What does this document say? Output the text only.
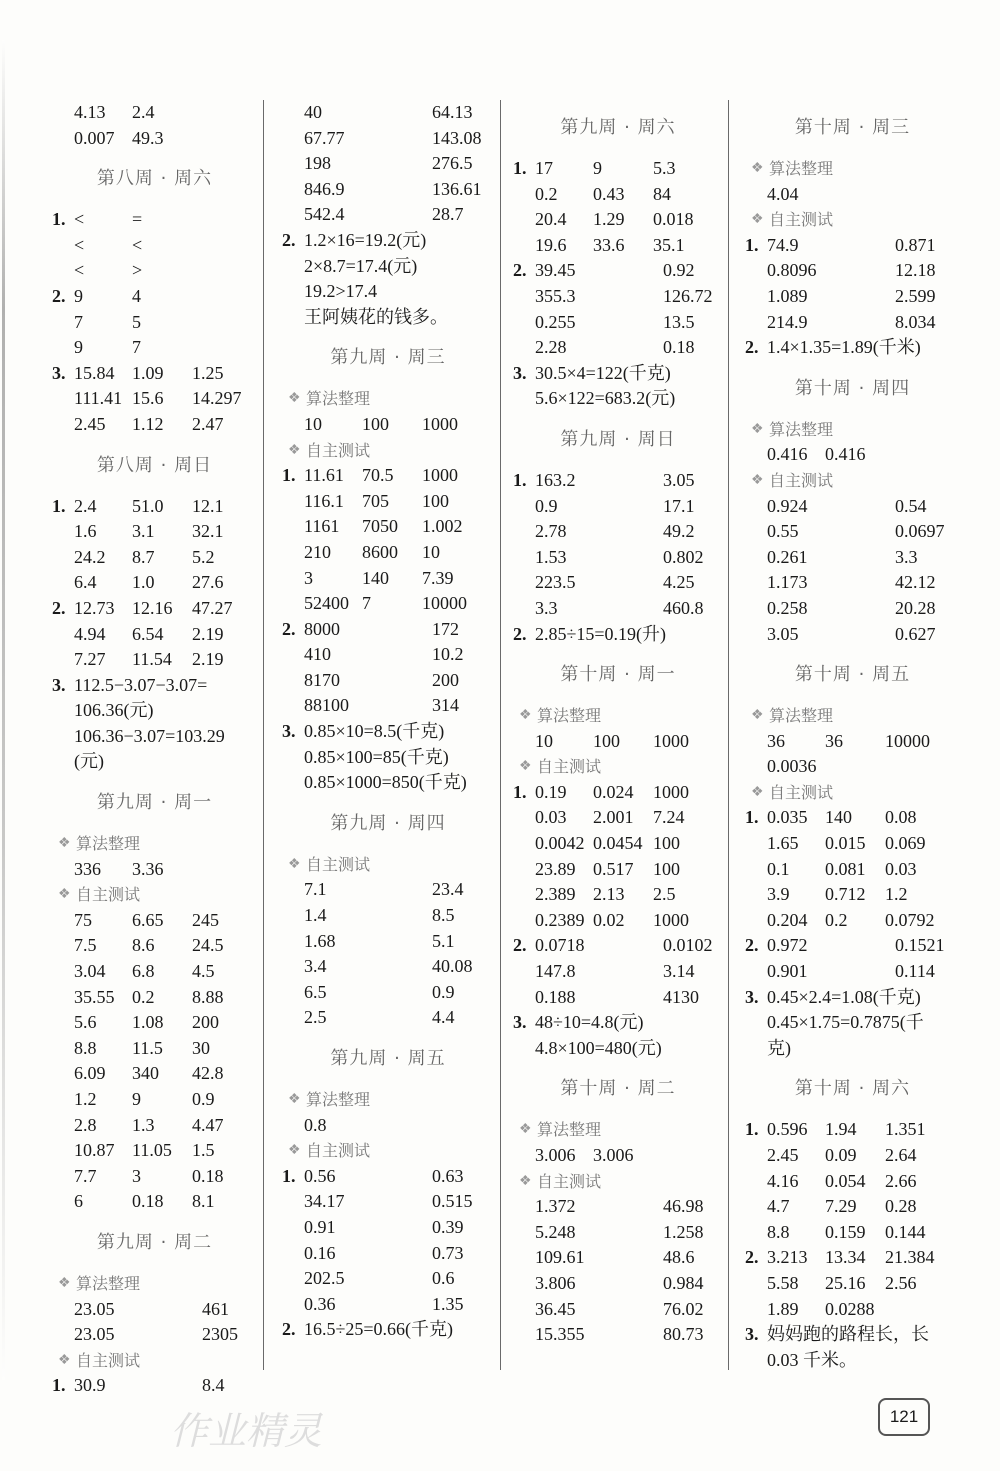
4.13 2.4
0.007 49.3
第八周 · 周六
1. <	=
<	<
<	>
2. 9	4
7	5
9	7
3. 15.84 1.09 1.25
111.41 15.6 14.297
2.45 1.12 2.47
第八周 · 周日
1. 2.4 51.0 12.1
1.6 3.1 32.1
24.2 8.7 5.2
6.4 1.0 27.6
2. 12.73 12.16 47.27
4.94 6.54 2.19
7.27 11.54 2.19
3. 112.5−3.07−3.07=
106.36(元)
106.36−3.07=103.29
(元)
第九周 · 周一
❖ 算法整理
336 3.36
❖ 自主测试
75 6.65 245
7.5 8.6 24.5
3.04 6.8 4.5
35.55 0.2 8.88
5.6 1.08 200
8.8 11.5 30
6.09 340 42.8
1.2 9	0.9
2.8 1.3 4.47
10.87 11.05 1.5
7.7 3	0.18
6	0.18 8.1
第九周 · 周二
❖ 算法整理
23.05	461
23.05	2305
❖ 自主测试
1. 30.9	8.4
40	64.13
67.77	143.08
198	276.5
846.9	136.61
542.4	28.7
2. 1.2×16=19.2(元)
2×8.7=17.4(元)
19.2>17.4
王阿姨花的钱多。
第九周 · 周三
❖ 算法整理
10 100 1000
❖ 自主测试
1. 11.61 70.5 1000
116.1 705 100
1161 7050 1.002
210 8600 10
3	140 7.39
52400 7	10000
2. 8000	172
410	10.2
8170	200
88100	314
3. 0.85×10=8.5(千克)
0.85×100=85(千克)
0.85×1000=850(千克)
第九周 · 周四
❖ 自主测试
7.1	23.4
1.4	8.5
1.68	5.1
3.4	40.08
6.5	0.9
2.5	4.4
第九周 · 周五
❖ 算法整理
0.8
❖ 自主测试
1. 0.56	0.63
34.17	0.515
0.91	0.39
0.16	0.73
202.5	0.6
0.36	1.35
2. 16.5÷25=0.66(千克)
第九周 · 周六
1. 17 9	5.3
0.2 0.43 84
20.4 1.29 0.018
19.6 33.6 35.1
2. 39.45	0.92
355.3	126.72
0.255	13.5
2.28	0.18
3. 30.5×4=122(千克)
5.6×122=683.2(元)
第九周 · 周日
1. 163.2	3.05
0.9	17.1
2.78	49.2
1.53	0.802
223.5	4.25
3.3	460.8
2. 2.85÷15=0.19(升)
第十周 · 周一
❖ 算法整理
10 100 1000
❖ 自主测试
1. 0.19 0.024 1000
0.03 2.001 7.24
0.0042 0.0454 100
23.89 0.517 100
2.389 2.13 2.5
0.2389 0.02 1000
2. 0.0718	0.0102
147.8	3.14
0.188	4130
3. 48÷10=4.8(元)
4.8×100=480(元)
第十周 · 周二
❖ 算法整理
3.006 3.006
❖ 自主测试
1.372	46.98
5.248	1.258
109.61	48.6
3.806	0.984
36.45	76.02
15.355	80.73
第十周 · 周三
❖ 算法整理
4.04
❖ 自主测试
1. 74.9	0.871
0.8096	12.18
1.089	2.599
214.9	8.034
2. 1.4×1.35=1.89(千米)
第十周 · 周四
❖ 算法整理
0.416 0.416
❖ 自主测试
0.924	0.54
0.55	0.0697
0.261	3.3
1.173	42.12
0.258	20.28
3.05	0.627
第十周 · 周五
❖ 算法整理
36 36 10000
0.0036
❖ 自主测试
1. 0.035 140 0.08
1.65 0.015 0.069
0.1 0.081 0.03
3.9 0.712 1.2
0.204 0.2 0.0792
2. 0.972	0.1521
0.901	0.114
3. 0.45×2.4=1.08(千克)
0.45×1.75=0.7875(千
克)
第十周 · 周六
1. 0.596 1.94 1.351
2.45 0.09 2.64
4.16 0.054 2.66
4.7 7.29 0.28
8.8 0.159 0.144
2. 3.213 13.34 21.384
5.58 25.16 2.56
1.89 0.0288
3. 妈妈跑的路程长，长
0.03 千米。
作业精灵	121
